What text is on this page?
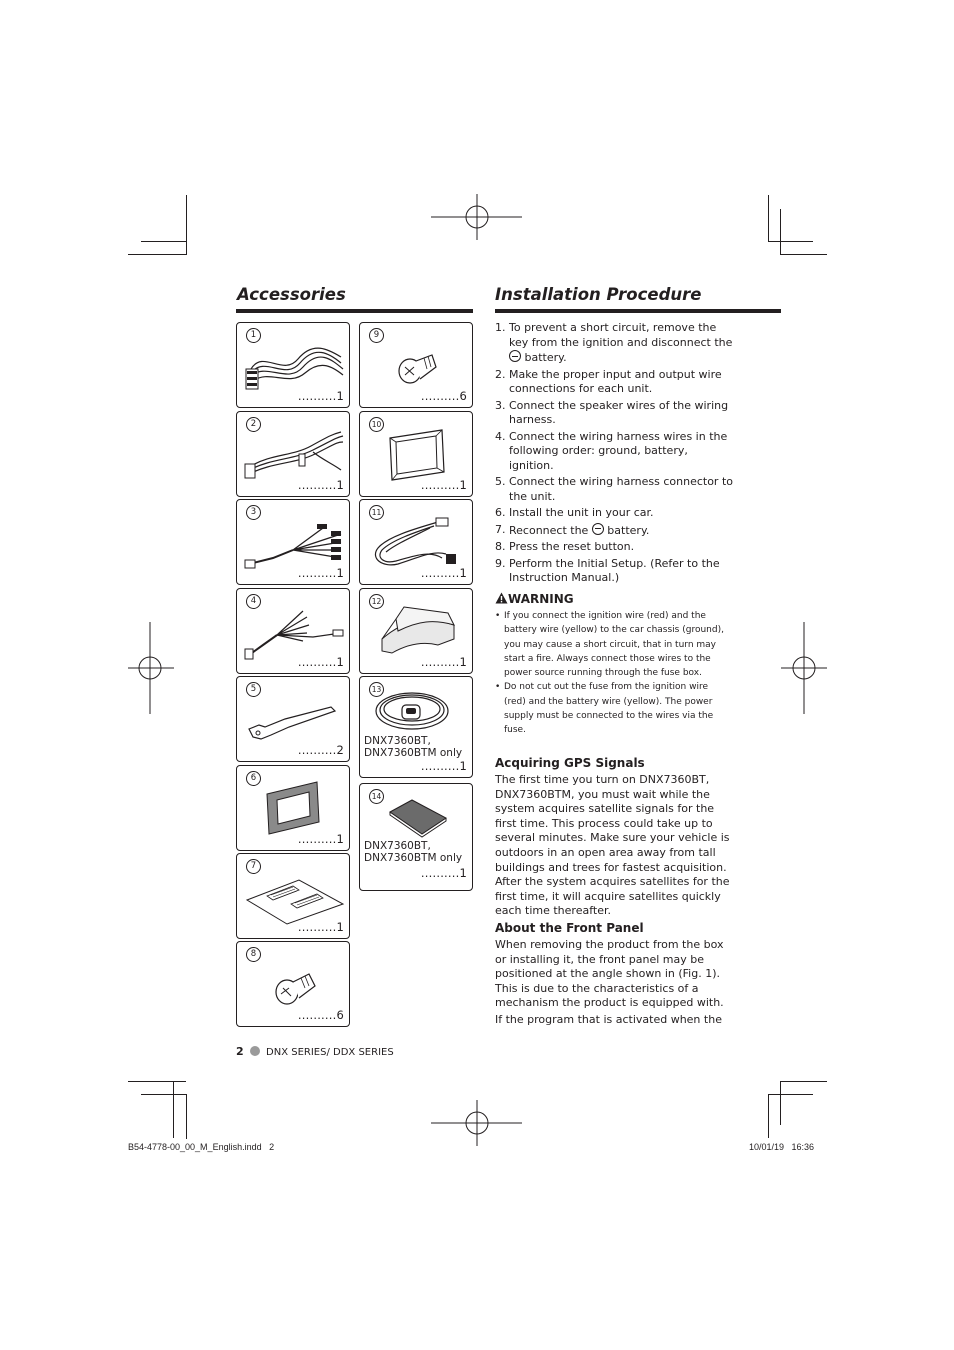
Accessories
1
..........1
2
..........1
3
..........1
4
..........1
5
..........2
6
..........1
7
..........1
8
..........6
9
..........6
10
..........1
11
..........1
12
..........1
13
DNX7360BT,
DNX7360BTM only
..........1
14
DNX7360BT,
DNX7360BTM only
..........1
Installation Procedure
1. To prevent a short circuit, remove the key from the ignition and disconnect the  battery.
2. Make the proper input and output wire connections for each unit.
3. Connect the speaker wires of the wiring harness.
4. Connect the wiring harness wires in the following order: ground, battery, ignition.
5. Connect the wiring harness connector to the unit.
6. Install the unit in your car.
7. Reconnect the  battery.
8. Press the reset button.
9. Perform the Initial Setup. (Refer to the Instruction Manual.)
WARNING
• If you connect the ignition wire (red) and the battery wire (yellow) to the car chassis (ground), you may cause a short circuit, that in turn may start a fire. Always connect those wires to the power source running through the fuse box.
• Do not cut out the fuse from the ignition wire (red) and the battery wire (yellow). The power supply must be connected to the wires via the fuse.
Acquiring GPS Signals

The first time you turn on DNX7360BT, DNX7360BTM, you must wait while the system acquires satellite signals for the first time. This process could take up to several minutes. Make sure your vehicle is outdoors in an open area away from tall buildings and trees for fastest acquisition. After the system acquires satellites for the first time, it will acquire satellites quickly each time thereafter.

About the Front Panel

When removing the product from the box or installing it, the front panel may be positioned at the angle shown in (Fig. 1). This is due to the characteristics of a mechanism the product is equipped with.

If the program that is activated when the

2 DNX SERIES/ DDX SERIES
B54-4778-00_00_M_English.indd   2	10/01/19   16:36
